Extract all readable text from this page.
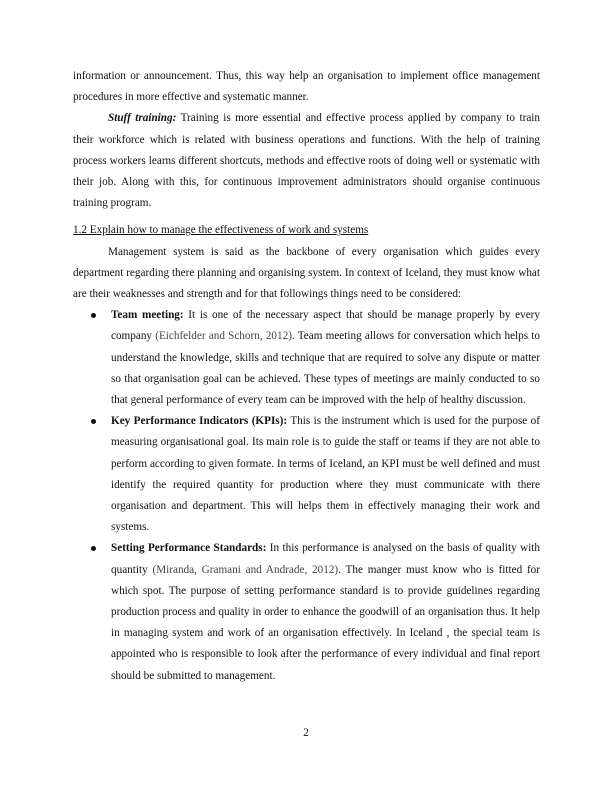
information or announcement. Thus, this way help an organisation to implement office management procedures in more effective and systematic manner.

Stuff training: Training is more essential and effective process applied by company to train their workforce which is related with business operations and functions. With the help of training process workers learns different shortcuts, methods and effective roots of doing well or systematic with their job. Along with this, for continuous improvement administrators should organise continuous training program.

1.2 Explain how to manage the effectiveness of work and systems

Management system is said as the backbone of every organisation which guides every department regarding there planning and organising system. In context of Iceland, they must know what are their weaknesses and strength and for that followings things need to be considered:

Team meeting: It is one of the necessary aspect that should be manage properly by every company (Eichfelder and Schorn, 2012). Team meeting allows for conversation which helps to understand the knowledge, skills and technique that are required to solve any dispute or matter so that organisation goal can be achieved. These types of meetings are mainly conducted to so that general performance of every team can be improved with the help of healthy discussion.
Key Performance Indicators (KPIs): This is the instrument which is used for the purpose of measuring organisational goal. Its main role is to guide the staff or teams if they are not able to perform according to given formate. In terms of Iceland, an KPI must be well defined and must identify the required quantity for production where they must communicate with there organisation and department. This will helps them in effectively managing their work and systems.
Setting Performance Standards: In this performance is analysed on the basis of quality with quantity (Miranda, Gramani and Andrade, 2012). The manger must know who is fitted for which spot. The purpose of setting performance standard is to provide guidelines regarding production process and quality in order to enhance the goodwill of an organisation thus. It help in managing system and work of an organisation effectively. In Iceland , the special team is appointed who is responsible to look after the performance of every individual and final report should be submitted to management.
2
